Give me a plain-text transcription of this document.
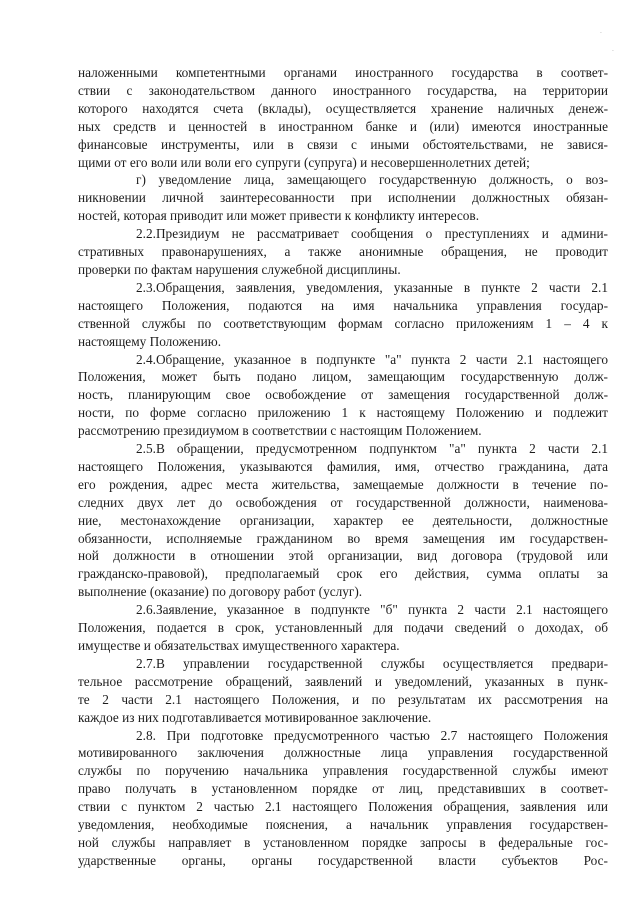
наложенными компетентными органами иностранного государства в соответ-
ствии с законодательством данного иностранного государства, на территории
которого находятся счета (вклады), осуществляется хранение наличных денеж-
ных средств и ценностей в иностранном банке и (или) имеются иностранные
финансовые инструменты, или в связи с иными обстоятельствами, не завися-
щими от его воли или воли его супруги (супруга) и несовершеннолетних детей;
г) уведомление лица, замещающего государственную должность, о воз-
никновении личной заинтересованности при исполнении должностных обязан-
ностей, которая приводит или может привести к конфликту интересов.
2.2.Президиум не рассматривает сообщения о преступлениях и админи-
стративных правонарушениях, а также анонимные обращения, не проводит
проверки по фактам нарушения служебной дисциплины.
2.3.Обращения, заявления, уведомления, указанные в пункте 2 части 2.1
настоящего Положения, подаются на имя начальника управления государ-
ственной службы по соответствующим формам согласно приложениям 1 – 4 к
настоящему Положению.
2.4.Обращение, указанное в подпункте "а" пункта 2 части 2.1 настоящего
Положения, может быть подано лицом, замещающим государственную долж-
ность, планирующим свое освобождение от замещения государственной долж-
ности, по форме согласно приложению 1 к настоящему Положению и подлежит
рассмотрению президиумом в соответствии с настоящим Положением.
2.5.В обращении, предусмотренном подпунктом "а" пункта 2 части 2.1
настоящего Положения, указываются фамилия, имя, отчество гражданина, дата
его рождения, адрес места жительства, замещаемые должности в течение по-
следних двух лет до освобождения от государственной должности, наименова-
ние, местонахождение организации, характер ее деятельности, должностные
обязанности, исполняемые гражданином во время замещения им государствен-
ной должности в отношении этой организации, вид договора (трудовой или
гражданско-правовой), предполагаемый срок его действия, сумма оплаты за
выполнение (оказание) по договору работ (услуг).
2.6.Заявление, указанное в подпункте "б" пункта 2 части 2.1 настоящего
Положения, подается в срок, установленный для подачи сведений о доходах, об
имуществе и обязательствах имущественного характера.
2.7.В управлении государственной службы осуществляется предвари-
тельное рассмотрение обращений, заявлений и уведомлений, указанных в пунк-
те 2 части 2.1 настоящего Положения, и по результатам их рассмотрения на
каждое из них подготавливается мотивированное заключение.
2.8. При подготовке предусмотренного частью 2.7 настоящего Положения
мотивированного заключения должностные лица управления государственной
службы по поручению начальника управления государственной службы имеют
право получать в установленном порядке от лиц, представивших в соответ-
ствии с пунктом 2 частью 2.1 настоящего Положения обращения, заявления или
уведомления, необходимые пояснения, а начальник управления государствен-
ной службы направляет в установленном порядке запросы в федеральные гос-
ударственные органы, органы государственной власти субъектов Рос-
·
·
